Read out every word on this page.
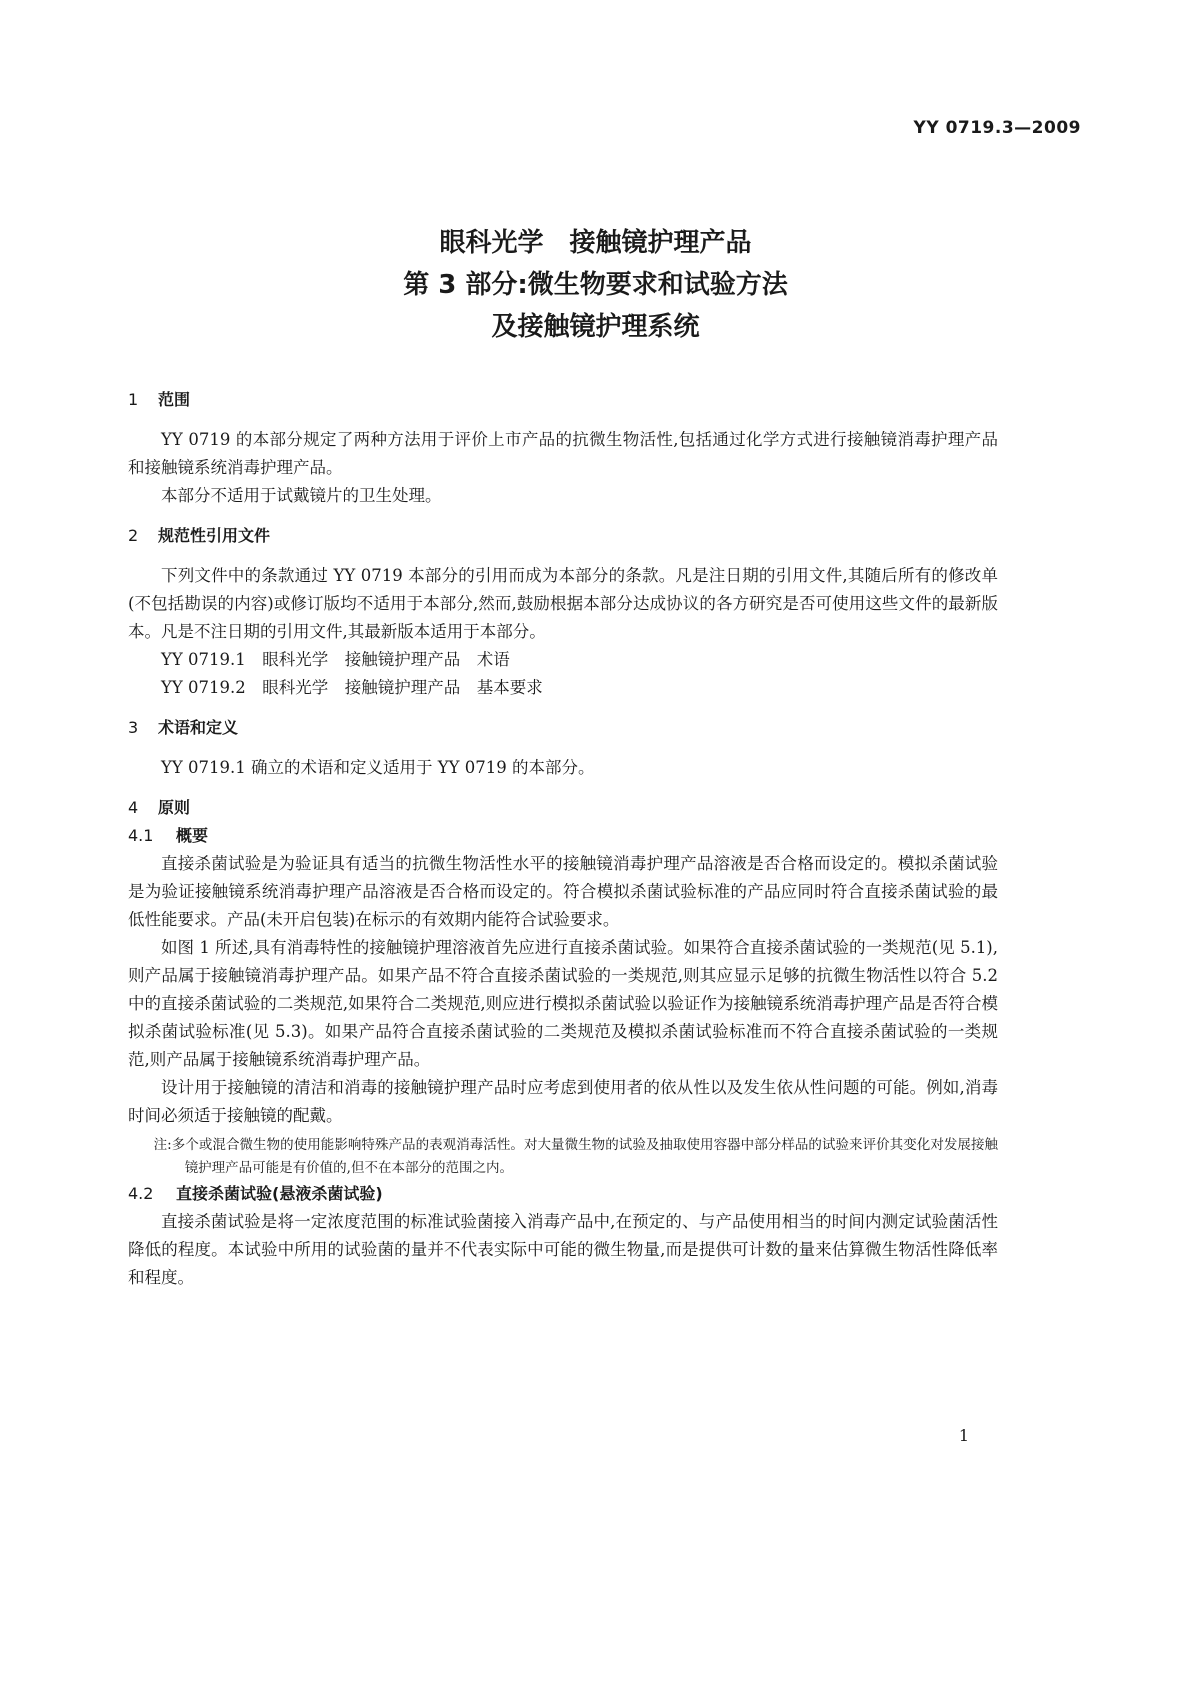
YY 0719.3—2009
眼科光学　接触镜护理产品
第 3 部分:微生物要求和试验方法
及接触镜护理系统
1 范围

YY 0719 的本部分规定了两种方法用于评价上市产品的抗微生物活性,包括通过化学方式进行接触镜消毒护理产品和接触镜系统消毒护理产品。

本部分不适用于试戴镜片的卫生处理。

2 规范性引用文件

下列文件中的条款通过 YY 0719 本部分的引用而成为本部分的条款。凡是注日期的引用文件,其随后所有的修改单(不包括勘误的内容)或修订版均不适用于本部分,然而,鼓励根据本部分达成协议的各方研究是否可使用这些文件的最新版本。凡是不注日期的引用文件,其最新版本适用于本部分。

YY 0719.1　眼科光学　接触镜护理产品　术语

YY 0719.2　眼科光学　接触镜护理产品　基本要求

3 术语和定义

YY 0719.1 确立的术语和定义适用于 YY 0719 的本部分。

4 原则
4.1 概要

直接杀菌试验是为验证具有适当的抗微生物活性水平的接触镜消毒护理产品溶液是否合格而设定的。模拟杀菌试验是为验证接触镜系统消毒护理产品溶液是否合格而设定的。符合模拟杀菌试验标准的产品应同时符合直接杀菌试验的最低性能要求。产品(未开启包装)在标示的有效期内能符合试验要求。

如图 1 所述,具有消毒特性的接触镜护理溶液首先应进行直接杀菌试验。如果符合直接杀菌试验的一类规范(见 5.1),则产品属于接触镜消毒护理产品。如果产品不符合直接杀菌试验的一类规范,则其应显示足够的抗微生物活性以符合 5.2 中的直接杀菌试验的二类规范,如果符合二类规范,则应进行模拟杀菌试验以验证作为接触镜系统消毒护理产品是否符合模拟杀菌试验标准(见 5.3)。如果产品符合直接杀菌试验的二类规范及模拟杀菌试验标准而不符合直接杀菌试验的一类规范,则产品属于接触镜系统消毒护理产品。

设计用于接触镜的清洁和消毒的接触镜护理产品时应考虑到使用者的依从性以及发生依从性问题的可能。例如,消毒时间必须适于接触镜的配戴。

注:多个或混合微生物的使用能影响特殊产品的表观消毒活性。对大量微生物的试验及抽取使用容器中部分样品的试验来评价其变化对发展接触镜护理产品可能是有价值的,但不在本部分的范围之内。

4.2 直接杀菌试验(悬液杀菌试验)

直接杀菌试验是将一定浓度范围的标准试验菌接入消毒产品中,在预定的、与产品使用相当的时间内测定试验菌活性降低的程度。本试验中所用的试验菌的量并不代表实际中可能的微生物量,而是提供可计数的量来估算微生物活性降低率和程度。

1
